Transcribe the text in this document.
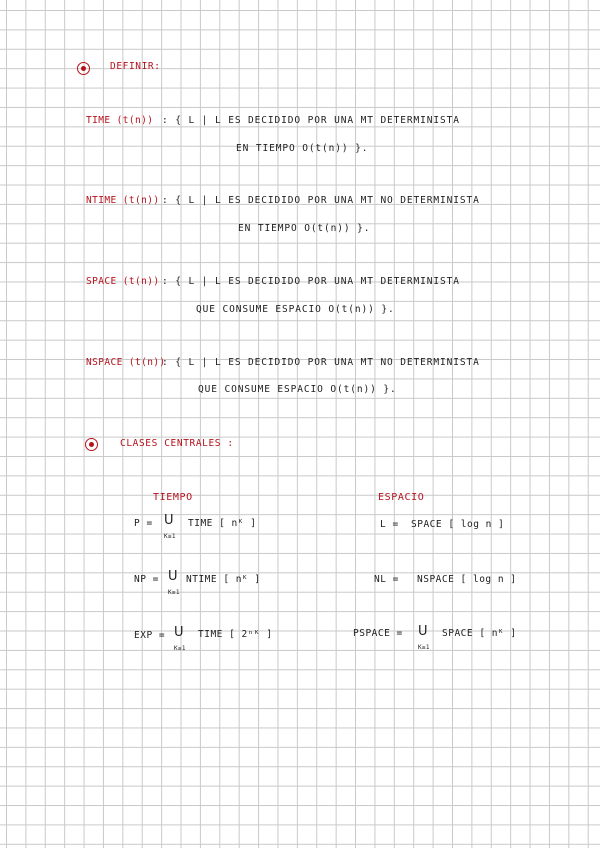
DEFINIR:
TIME (t(n)) : { L | L ES DECIDIDO POR UNA MT DETERMINISTA
EN TIEMPO O(t(n)) }.
NTIME (t(n)) : { L | L ES DECIDIDO POR UNA MT NO DETERMINISTA
EN TIEMPO O(t(n)) }.
SPACE (t(n)) : { L | L ES DECIDIDO POR UNA MT DETERMINISTA
QUE CONSUME ESPACIO O(t(n)) }.
NSPACE (t(n))
: { L | L ES DECIDIDO POR UNA MT NO DETERMINISTA
QUE CONSUME ESPACIO O(t(n)) }.
CLASES CENTRALES :
TIEMPO	ESPACIO
P = U
K≥1
TIME [ nᴷ ]
NP = U
K≥1
NTIME [ nᴷ ]
EXP = U
K≥1
TIME [ 2ⁿᴷ ]
L = SPACE [ log n ]
NL = NSPACE [ log n ]
PSPACE = U
K≥1
SPACE [ nᴷ ]
